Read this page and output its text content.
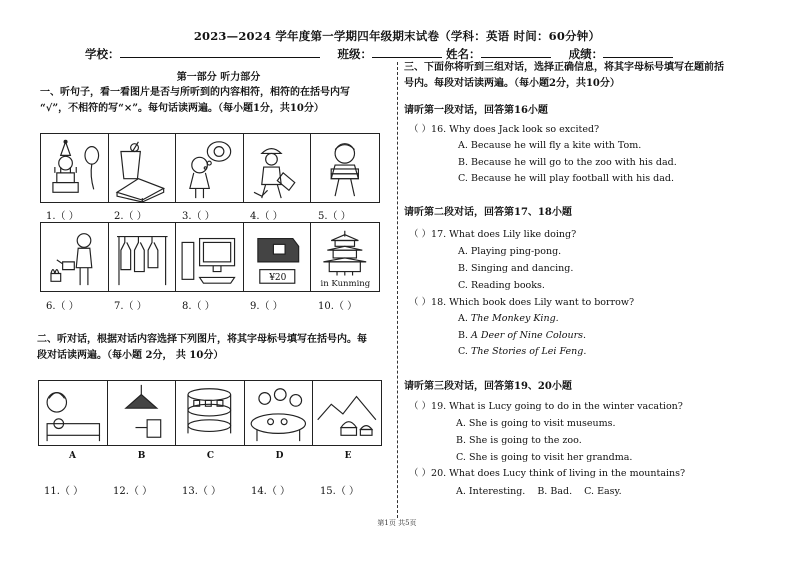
2023—2024 学年度第一学期四年级期末试卷（学科：英语 时间：60分钟）
学校：	班级：	姓名：	成绩：
第一部分 听力部分
一、听句子，看一看图片是否与所听到的内容相符，相符的在括号内写
“√”，不相符的写“×”。每句话读两遍。（每小题1分，共10分）
1.（ ）	2.（ ）	3.（ ）	4.（ ）	5.（ ）
¥20
in Kunming
6.（ ）	7.（ ）	8.（ ）	9.（ ）	10.（ ）
二、听对话，根据对话内容选择下列图片，将其字母标号填写在括号内。每
段对话读两遍。（每小题 2分， 共 10分）
A	B	C	D	E
11.（ ）	12.（ ）	13.（ ）	14.（ ）	15.（ ）
三、下面你将听到三组对话，选择正确信息，将其字母标号填写在题前括
号内。每段对话读两遍。（每小题2分，共10分）
请听第一段对话，回答第16小题
（ ）16. Why does Jack look so excited?
A. Because he will fly a kite with Tom.
B. Because he will go to the zoo with his dad.
C. Because he will play football with his dad.
请听第二段对话，回答第17、18小题
（ ）17. What does Lily like doing?
A. Playing ping-pong.
B. Singing and dancing.
C. Reading books.
（ ）18. Which book does Lily want to borrow?
A. The Monkey King.
B. A Deer of Nine Colours.
C. The Stories of Lei Feng.
请听第三段对话，回答第19、20小题
（ ）19. What is Lucy going to do in the winter vacation?
A. She is going to visit museums.
B. She is going to the zoo.
C. She is going to visit her grandma.
（ ）20. What does Lucy think of living in the mountains?
A. Interesting. B. Bad. C. Easy.
第1页 共5页
